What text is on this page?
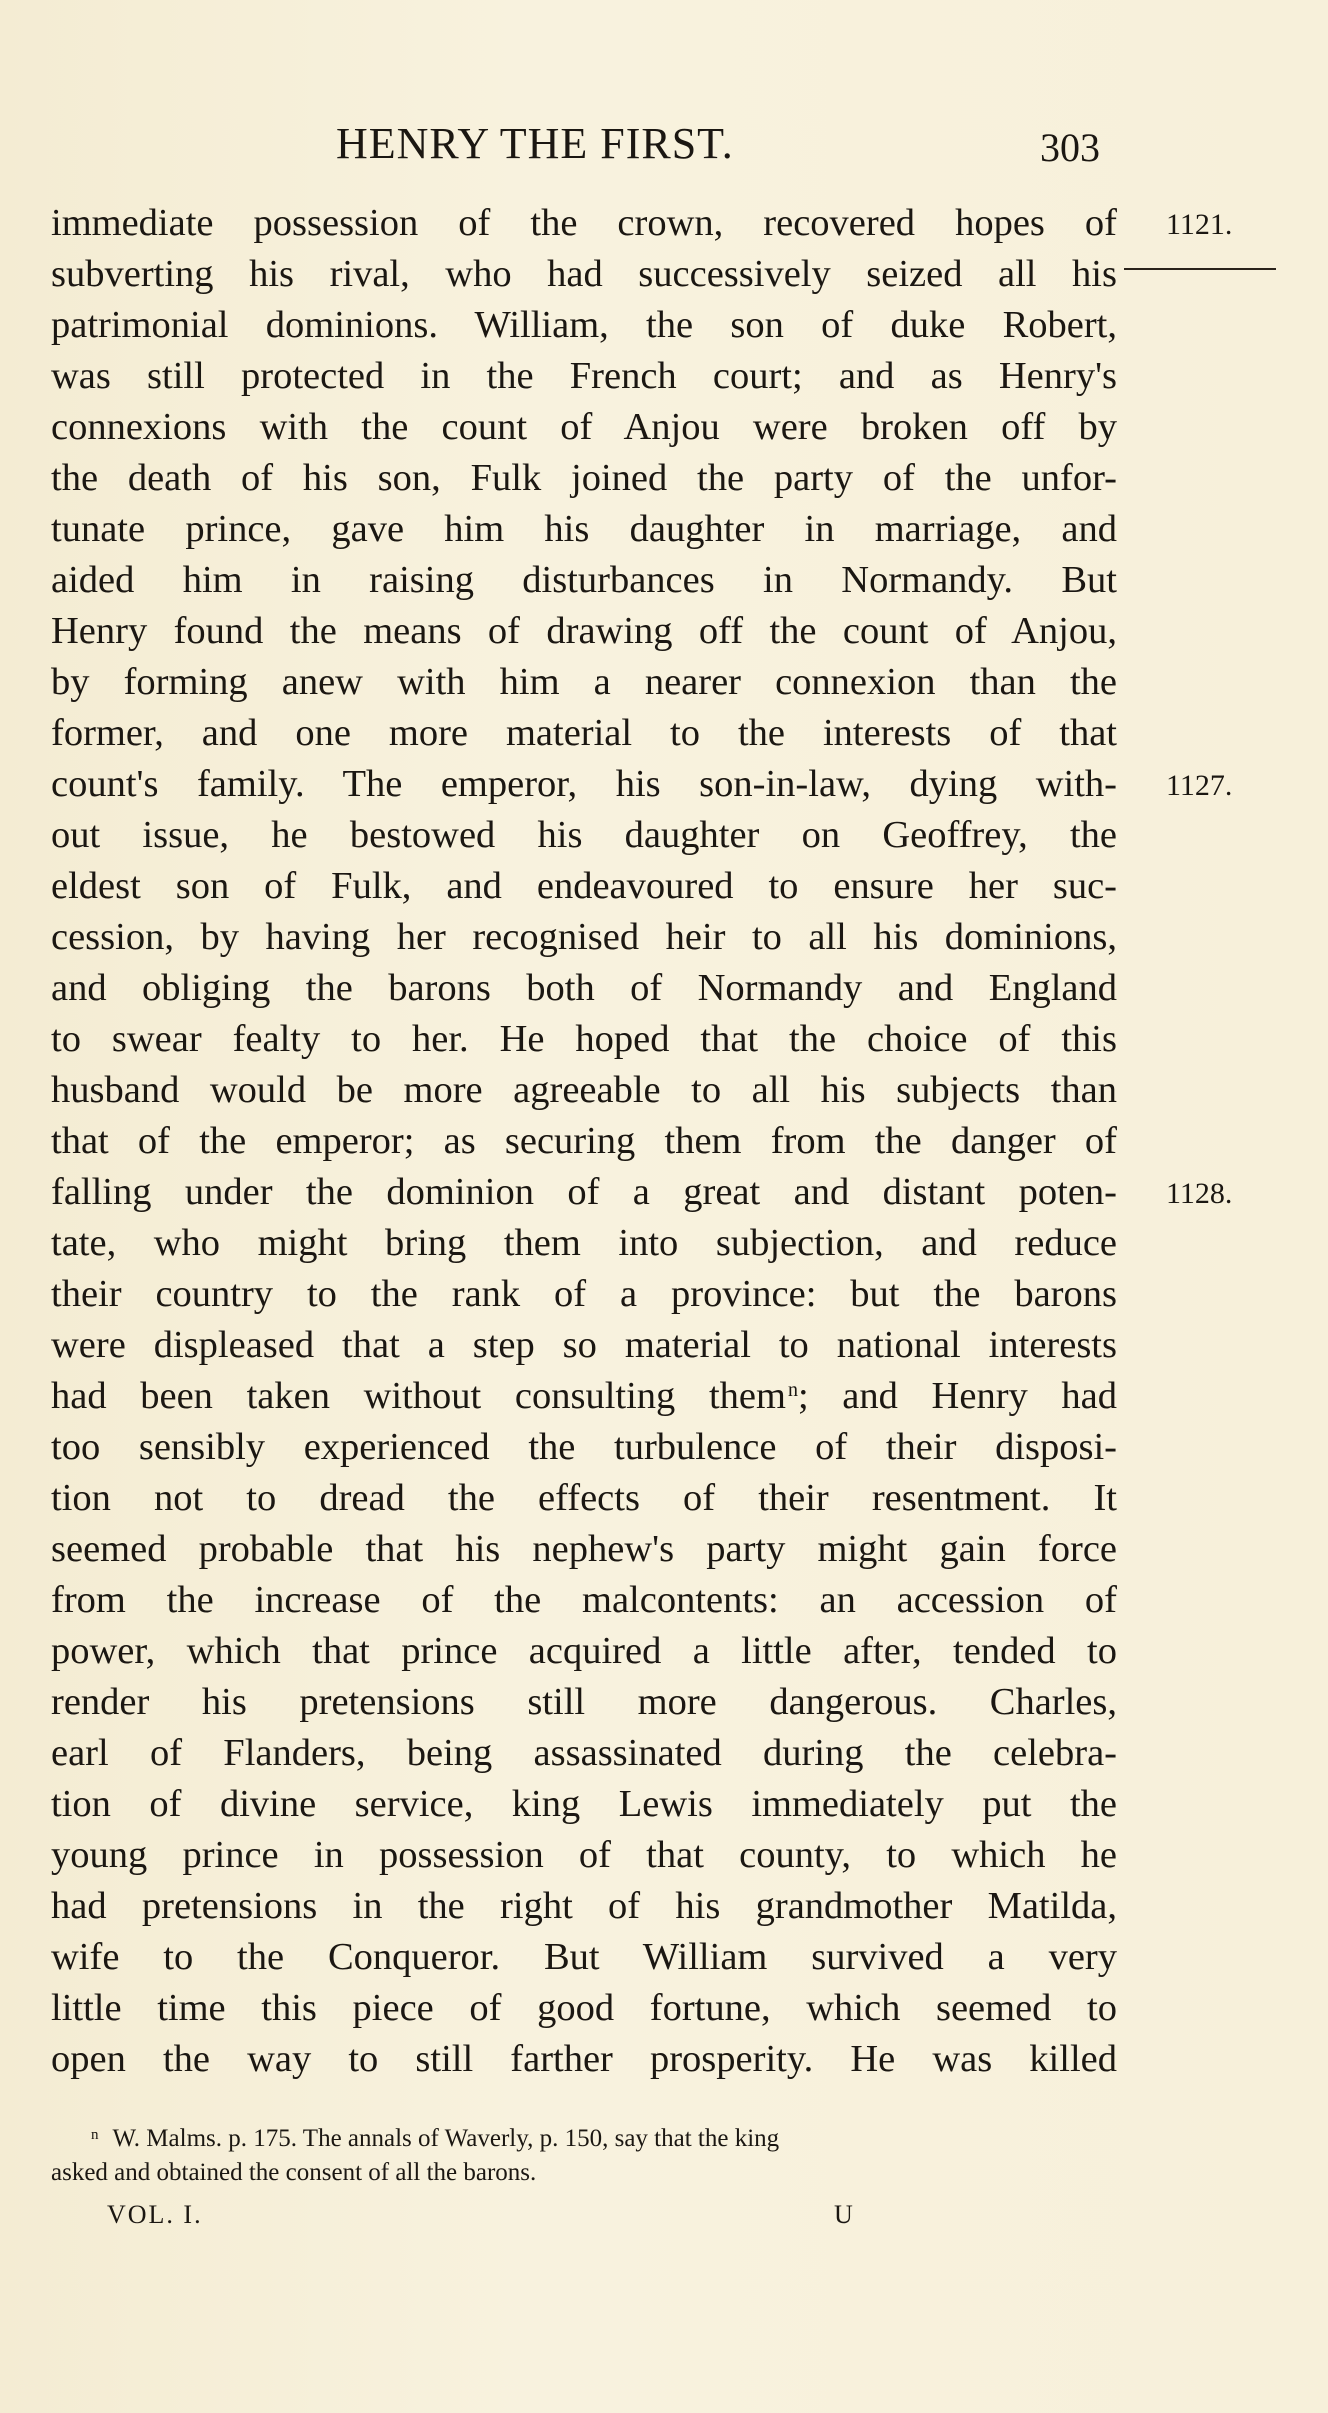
HENRY THE FIRST.	303
1121.
1127.
1128.
immediate possession of the crown, recovered hopes of
subverting his rival, who had successively seized all his
patrimonial dominions. William, the son of duke Robert,
was still protected in the French court; and as Henry's
connexions with the count of Anjou were broken off by
the death of his son, Fulk joined the party of the unfor-
tunate prince, gave him his daughter in marriage, and
aided him in raising disturbances in Normandy. But
Henry found the means of drawing off the count of Anjou,
by forming anew with him a nearer connexion than the
former, and one more material to the interests of that
count's family. The emperor, his son-in-law, dying with-
out issue, he bestowed his daughter on Geoffrey, the
eldest son of Fulk, and endeavoured to ensure her suc-
cession, by having her recognised heir to all his dominions,
and obliging the barons both of Normandy and England
to swear fealty to her. He hoped that the choice of this
husband would be more agreeable to all his subjects than
that of the emperor; as securing them from the danger of
falling under the dominion of a great and distant poten-
tate, who might bring them into subjection, and reduce
their country to the rank of a province: but the barons
were displeased that a step so material to national interests
had been taken without consulting them $^n$; and Henry had
too sensibly experienced the turbulence of their disposi-
tion not to dread the effects of their resentment. It
seemed probable that his nephew's party might gain force
from the increase of the malcontents: an accession of
power, which that prince acquired a little after, tended to
render his pretensions still more dangerous. Charles,
earl of Flanders, being assassinated during the celebra-
tion of divine service, king Lewis immediately put the
young prince in possession of that county, to which he
had pretensions in the right of his grandmother Matilda,
wife to the Conqueror. But William survived a very
little time this piece of good fortune, which seemed to
open the way to still farther prosperity. He was killed
$^n$ W. Malms. p. 175. The annals of Waverly, p. 150, say that the king
asked and obtained the consent of all the barons.
VOL. I.	U
